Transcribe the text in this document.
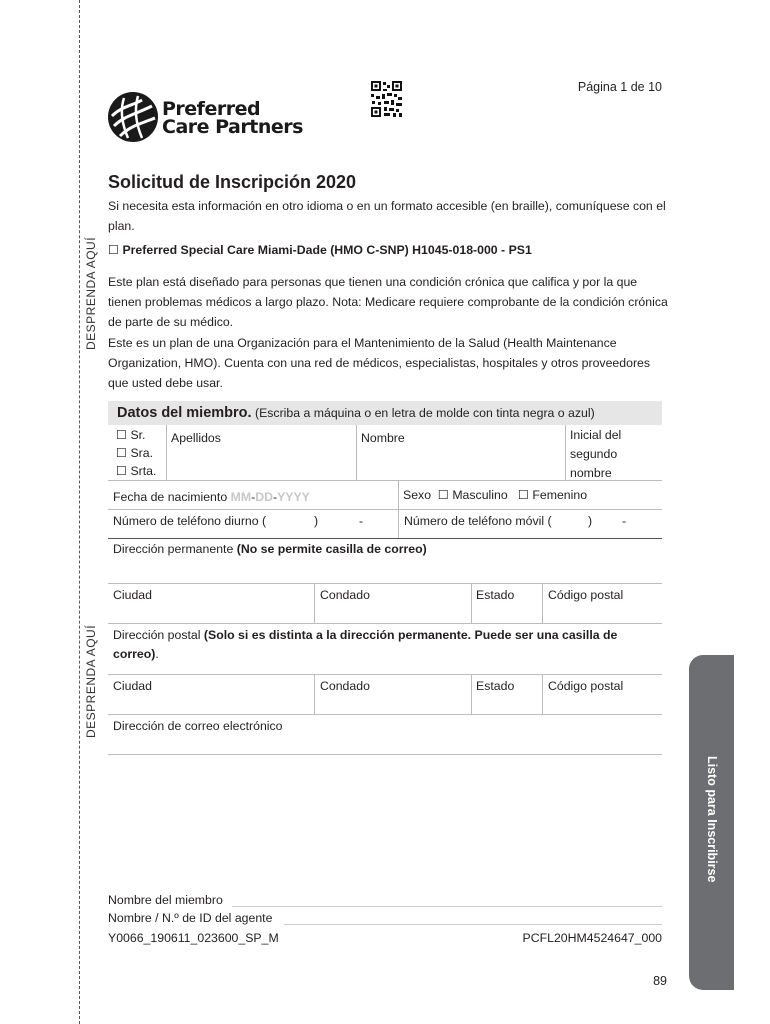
DESPRENDA AQUÍ
DESPRENDA AQUÍ
Listo para Inscribirse
Página 1 de 10
Preferred
Care Partners
Solicitud de Inscripción 2020
Si necesita esta información en otro idioma o en un formato accesible (en braille), comuníquese con el plan.
☐ Preferred Special Care Miami-Dade (HMO C-SNP) H1045-018-000 - PS1
Este plan está diseñado para personas que tienen una condición crónica que califica y por la que tienen problemas médicos a largo plazo. Nota: Medicare requiere comprobante de la condición crónica de parte de su médico.
Este es un plan de una Organización para el Mantenimiento de la Salud (Health Maintenance Organization, HMO). Cuenta con una red de médicos, especialistas, hospitales y otros proveedores que usted debe usar.
Datos del miembro. (Escriba a máquina o en letra de molde con tinta negra o azul)
☐ Sr.
☐ Sra.
☐ Srta.
Apellidos	Nombre	Inicial del
segundo
nombre
Fecha de nacimiento MM-DD-YYYY	Sexo ☐ Masculino ☐ Femenino
Número de teléfono diurno (	)	-	Número de teléfono móvil (	) -
Dirección permanente (No se permite casilla de correo)
Ciudad	Condado	Estado	Código postal
Dirección postal (Solo si es distinta a la dirección permanente. Puede ser una casilla de correo).
Ciudad	Condado	Estado	Código postal
Dirección de correo electrónico
Nombre del miembro
Nombre / N.º de ID del agente
Y0066_190611_023600_SP_M	PCFL20HM4524647_000
89
